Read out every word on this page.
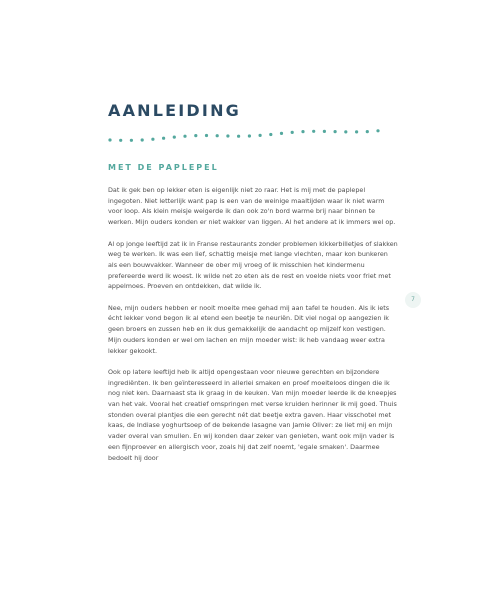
AANLEIDING
MET DE PAPLEPEL

Dat ik gek ben op lekker eten is eigenlijk niet zo raar. Het is mij met de paplepel ingegoten. Niet letterlijk want pap is een van de weinige maaltijden waar ik niet warm voor loop. Als klein meisje weigerde ik dan ook zo'n bord warme brij naar binnen te werken. Mijn ouders konden er niet wakker van liggen. Al het andere at ik immers wel op.

Al op jonge leeftijd zat ik in Franse restaurants zonder problemen kikkerbilletjes of slakken weg te werken. Ik was een lief, schattig meisje met lange vlechten, maar kon bunkeren als een bouwvakker. Wanneer de ober mij vroeg of ik misschien het kindermenu prefereerde werd ik woest. Ik wilde net zo eten als de rest en voelde niets voor friet met appelmoes. Proeven en ontdekken, dat wilde ik.

Nee, mijn ouders hebben er nooit moeite mee gehad mij aan tafel te houden. Als ik iets écht lekker vond begon ik al etend een beetje te neuriën. Dit viel nogal op aangezien ik geen broers en zussen heb en ik dus gemakkelijk de aandacht op mijzelf kon vestigen. Mijn ouders konden er wel om lachen en mijn moeder wist: ik heb vandaag weer extra lekker gekookt.

Ook op latere leeftijd heb ik altijd opengestaan voor nieuwe gerechten en bijzondere ingrediënten. Ik ben geïnteresseerd in allerlei smaken en proef moeiteloos dingen die ik nog niet ken. Daarnaast sta ik graag in de keuken. Van mijn moeder leerde ik de kneepjes van het vak. Vooral het creatief omspringen met verse kruiden herinner ik mij goed. Thuis stonden overal plantjes die een gerecht nét dat beetje extra gaven. Haar visschotel met kaas, de Indiase yoghurtsoep of de bekende lasagne van Jamie Oliver: ze liet mij en mijn vader overal van smullen. En wij konden daar zeker van genieten, want ook mijn vader is een fijnproever en allergisch voor, zoals hij dat zelf noemt, 'egale smaken'. Daarmee bedoelt hij door

7
